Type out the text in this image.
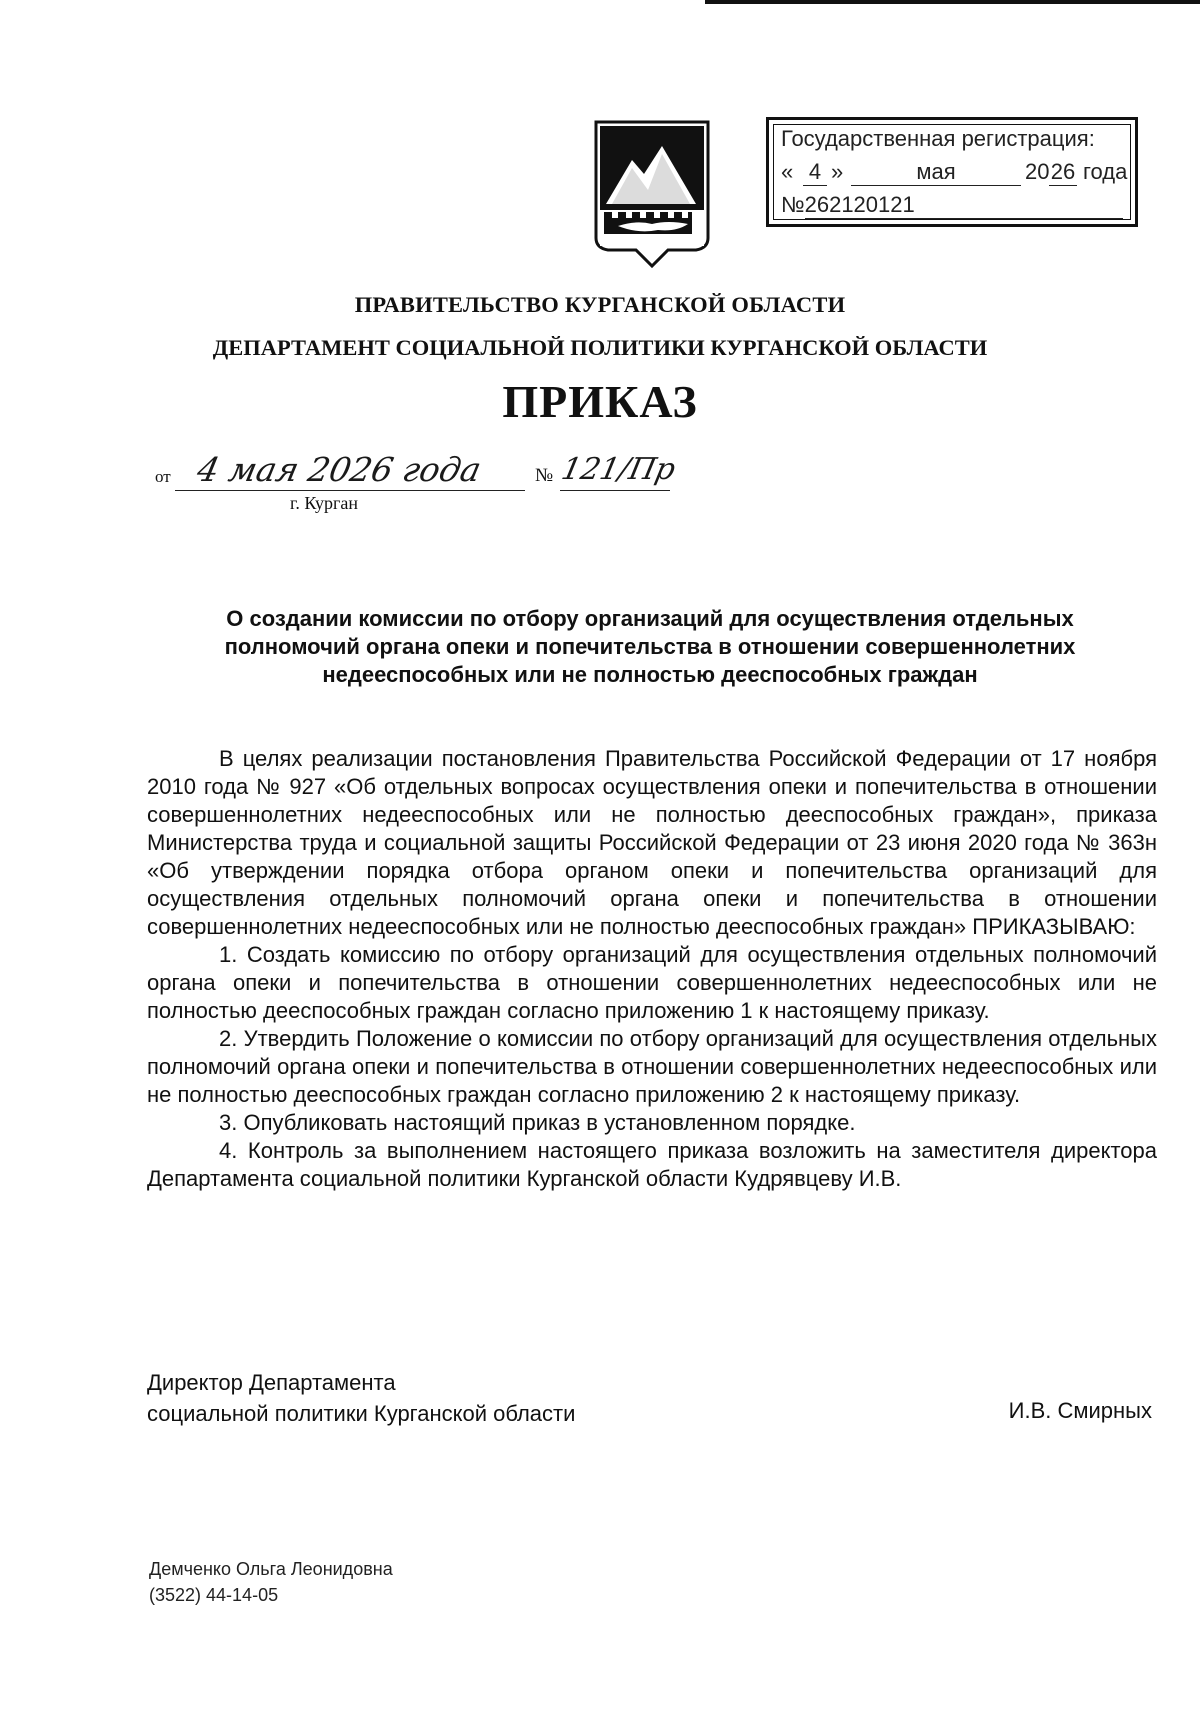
Государственная регистрация:
« 4 »	мая	20 26 года
№262120121
ПРАВИТЕЛЬСТВО КУРГАНСКОЙ ОБЛАСТИ
ДЕПАРТАМЕНТ СОЦИАЛЬНОЙ ПОЛИТИКИ КУРГАНСКОЙ ОБЛАСТИ
ПРИКАЗ
от 4 мая 2026 года	№ 121/Пр
г. Курган
О создании комиссии по отбору организаций для осуществления отдельных полномочий органа опеки и попечительства в отношении совершеннолетних недееспособных или не полностью дееспособных граждан

В целях реализации постановления Правительства Российской Федерации от 17 ноября 2010 года № 927 «Об отдельных вопросах осуществления опеки и попечительства в отношении совершеннолетних недееспособных или не полностью дееспособных граждан», приказа Министерства труда и социальной защиты Российской Федерации от 23 июня 2020 года № 363н «Об утверждении порядка отбора органом опеки и попечительства организаций для осуществления отдельных полномочий органа опеки и попечительства в отношении совершеннолетних недееспособных или не полностью дееспособных граждан» ПРИКАЗЫВАЮ:

1. Создать комиссию по отбору организаций для осуществления отдельных полномочий органа опеки и попечительства в отношении совершеннолетних недееспособных или не полностью дееспособных граждан согласно приложению 1 к настоящему приказу.

2. Утвердить Положение о комиссии по отбору организаций для осуществления отдельных полномочий органа опеки и попечительства в отношении совершеннолетних недееспособных или не полностью дееспособных граждан согласно приложению 2 к настоящему приказу.

3. Опубликовать настоящий приказ в установленном порядке.

4. Контроль за выполнением настоящего приказа возложить на заместителя директора Департамента социальной политики Курганской области Кудрявцеву И.В.

Директор Департамента
социальной политики Курганской области	И.В. Смирных
Демченко Ольга Леонидовна
(3522) 44-14-05
